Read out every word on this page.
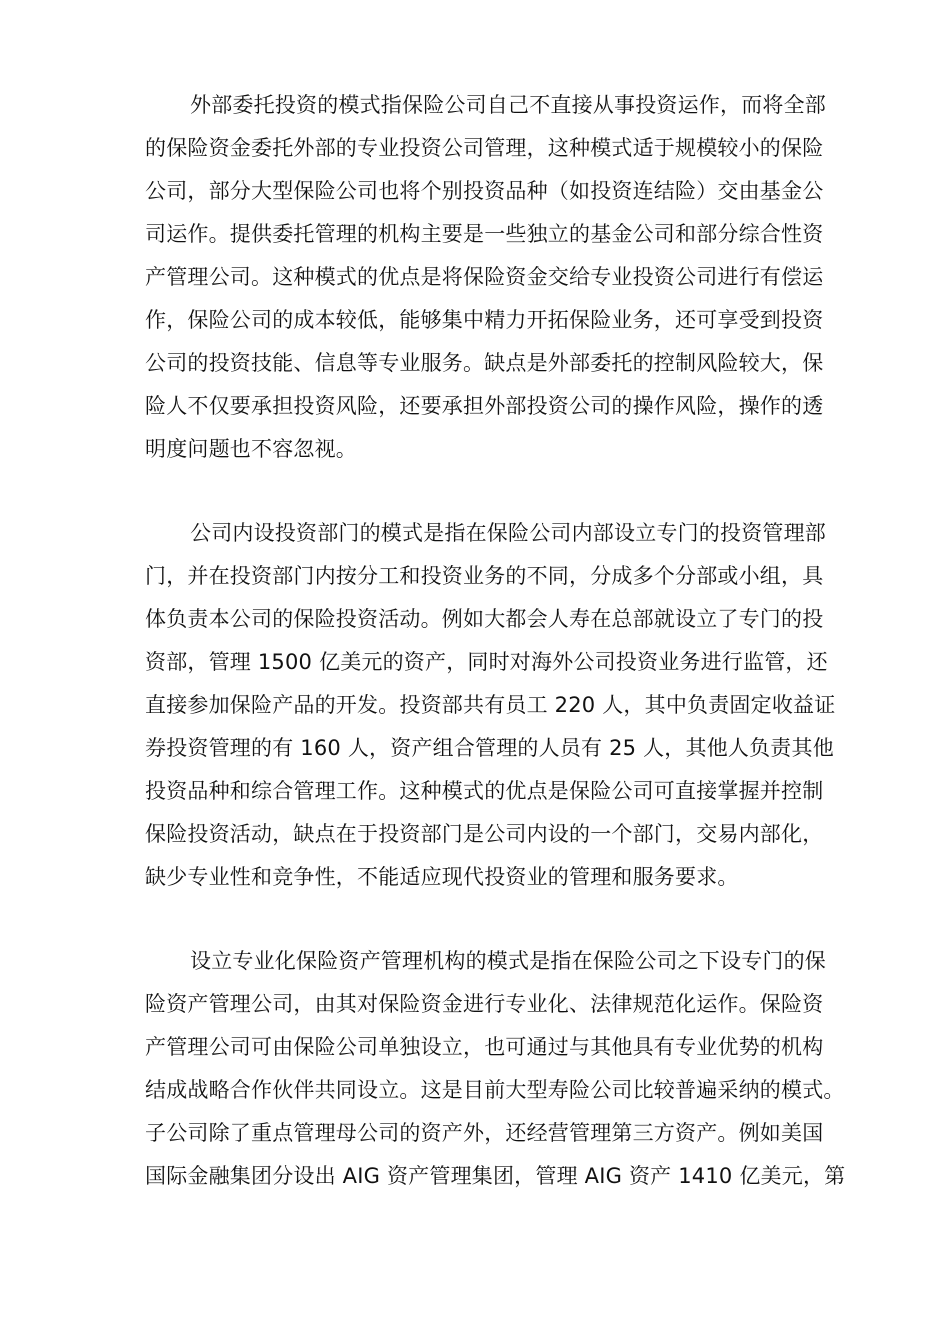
外部委托投资的模式指保险公司自己不直接从事投资运作，而将全部
的保险资金委托外部的专业投资公司管理，这种模式适于规模较小的保险
公司，部分大型保险公司也将个别投资品种（如投资连结险）交由基金公
司运作。提供委托管理的机构主要是一些独立的基金公司和部分综合性资
产管理公司。这种模式的优点是将保险资金交给专业投资公司进行有偿运
作，保险公司的成本较低，能够集中精力开拓保险业务，还可享受到投资
公司的投资技能、信息等专业服务。缺点是外部委托的控制风险较大，保
险人不仅要承担投资风险，还要承担外部投资公司的操作风险，操作的透
明度问题也不容忽视。
公司内设投资部门的模式是指在保险公司内部设立专门的投资管理部
门，并在投资部门内按分工和投资业务的不同，分成多个分部或小组，具
体负责本公司的保险投资活动。例如大都会人寿在总部就设立了专门的投
资部，管理 1500 亿美元的资产，同时对海外公司投资业务进行监管，还
直接参加保险产品的开发。投资部共有员工 220 人，其中负责固定收益证
券投资管理的有 160 人，资产组合管理的人员有 25 人，其他人负责其他
投资品种和综合管理工作。这种模式的优点是保险公司可直接掌握并控制
保险投资活动，缺点在于投资部门是公司内设的一个部门，交易内部化，
缺少专业性和竞争性，不能适应现代投资业的管理和服务要求。
设立专业化保险资产管理机构的模式是指在保险公司之下设专门的保
险资产管理公司，由其对保险资金进行专业化、法律规范化运作。保险资
产管理公司可由保险公司单独设立，也可通过与其他具有专业优势的机构
结成战略合作伙伴共同设立。这是目前大型寿险公司比较普遍采纳的模式。
子公司除了重点管理母公司的资产外，还经营管理第三方资产。例如美国
国际金融集团分设出 AIG 资产管理集团，管理 AIG 资产 1410 亿美元，第
